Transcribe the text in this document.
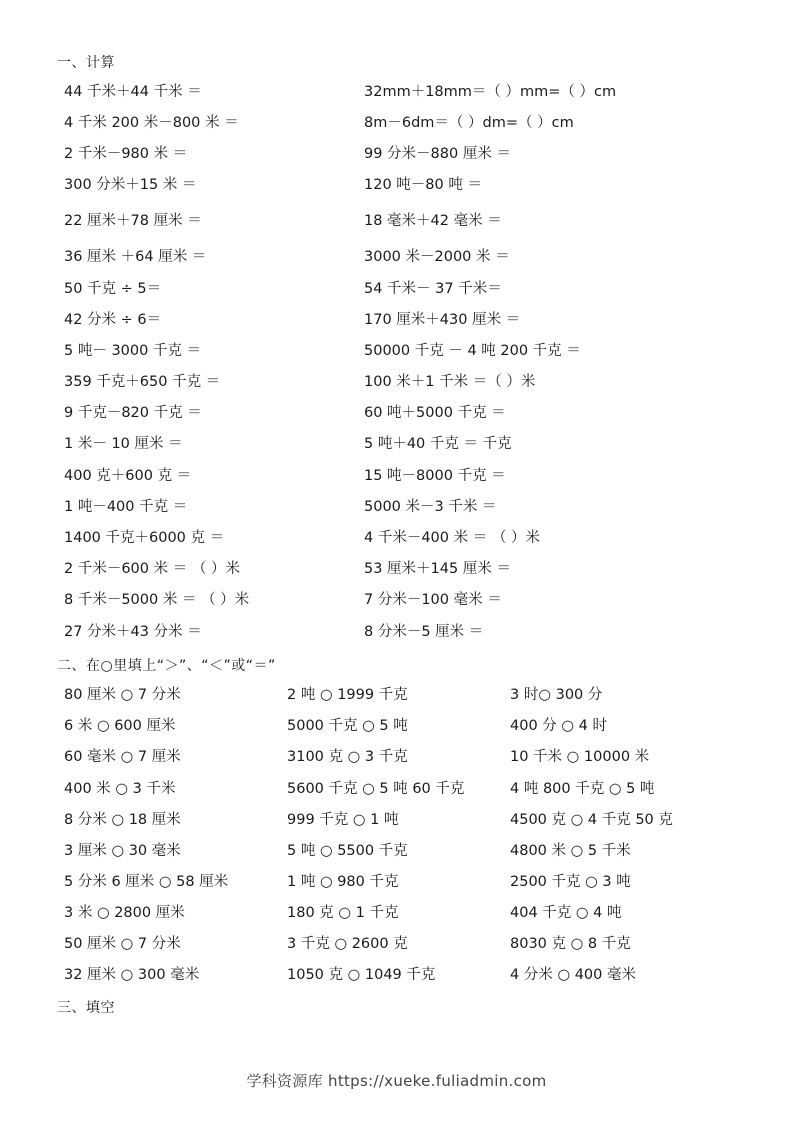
一、计算
44 千米＋44 千米 ＝	32mm＋18mm＝（ ）mm=（ ）cm
4 千米 200 米－800 米 ＝	8m－6dm＝（ ）dm=（ ）cm
2 千米－980 米 ＝	99 分米－880 厘米 ＝
300 分米＋15 米 ＝	120 吨－80 吨 ＝
22 厘米＋78 厘米 ＝	18 毫米＋42 毫米 ＝
36 厘米 ＋64 厘米 ＝	3000 米－2000 米 ＝
50 千克 ÷ 5＝	54 千米－ 37 千米＝
42 分米 ÷ 6＝	170 厘米＋430 厘米 ＝
5 吨－ 3000 千克 ＝	50000 千克 － 4 吨 200 千克 ＝
359 千克＋650 千克 ＝	100 米＋1 千米 ＝（ ）米
9 千克－820 千克 ＝	60 吨＋5000 千克 ＝
1 米－ 10 厘米 ＝	5 吨＋40 千克 ＝ 千克
400 克＋600 克 ＝	15 吨－8000 千克 ＝
1 吨－400 千克 ＝	5000 米－3 千米 ＝
1400 千克＋6000 克 ＝	4 千米－400 米 ＝ （ ）米
2 千米－600 米 ＝ （ ）米	53 厘米＋145 厘米 ＝
8 千米－5000 米 ＝ （ ）米	7 分米－100 毫米 ＝
27 分米＋43 分米 ＝	8 分米－5 厘米 ＝
二、在○里填上“＞”、“＜”或“＝”
80 厘米 ○ 7 分米	2 吨 ○ 1999 千克	3 时○ 300 分
6 米 ○ 600 厘米	5000 千克 ○ 5 吨	400 分 ○ 4 时
60 毫米 ○ 7 厘米	3100 克 ○ 3 千克	10 千米 ○ 10000 米
400 米 ○ 3 千米	5600 千克 ○ 5 吨 60 千克	4 吨 800 千克 ○ 5 吨
8 分米 ○ 18 厘米	999 千克 ○ 1 吨	4500 克 ○ 4 千克 50 克
3 厘米 ○ 30 毫米	5 吨 ○ 5500 千克	4800 米 ○ 5 千米
5 分米 6 厘米 ○ 58 厘米	1 吨 ○ 980 千克	2500 千克 ○ 3 吨
3 米 ○ 2800 厘米	180 克 ○ 1 千克	404 千克 ○ 4 吨
50 厘米 ○ 7 分米	3 千克 ○ 2600 克	8030 克 ○ 8 千克
32 厘米 ○ 300 毫米	1050 克 ○ 1049 千克	4 分米 ○ 400 毫米
三、填空
学科资源库 https://xueke.fuliadmin.com
